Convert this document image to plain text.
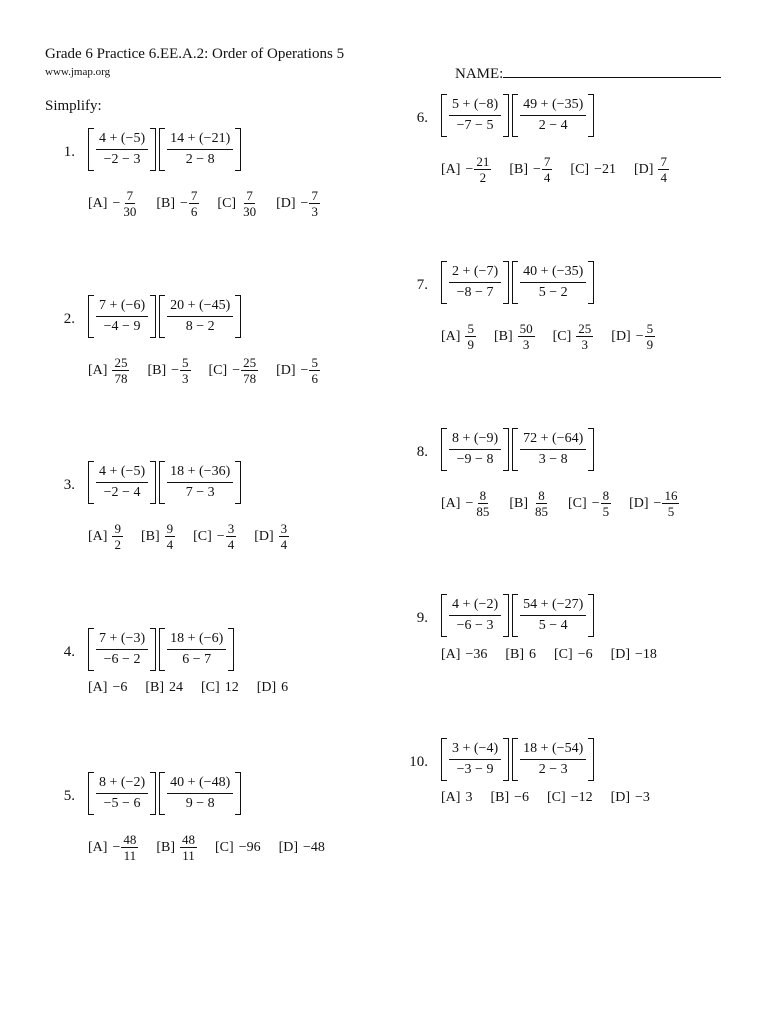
Grade 6 Practice 6.EE.A.2: Order of Operations 5
www.jmap.org	NAME:
Simplify:
1. $\frac{4 + (-5)}{-2 - 3} \frac{14 + (-21)}{2 - 8}$
$[A] - \frac{7}{30} [B] - \frac{7}{6} [C] \frac{7}{30} [D] - \frac{7}{3}$
2. $\frac{7 + (-6)}{-4 - 9} \frac{20 + (-45)}{8 - 2}$
$[A] \frac{25}{78} [B] - \frac{5}{3} [C] - \frac{25}{78} [D] - \frac{5}{6}$
3. $\frac{4 + (-5)}{-2 - 4} \frac{18 + (-36)}{7 - 3}$
$[A] \frac{9}{2} [B] \frac{9}{4} [C] - \frac{3}{4} [D] \frac{3}{4}$
4. $\frac{7 + (-3)}{-6 - 2} \frac{18 + (-6)}{6 - 7}$
[A] −6 [B] 24 [C] 12 [D] 6
5. $\frac{8 + (-2)}{-5 - 6} \frac{40 + (-48)}{9 - 8}$
$[A] - \frac{48}{11} [B] \frac{48}{11} [C] -96$ [D] −48
6. $\frac{5 + (-8)}{-7 - 5} \frac{49 + (-35)}{2 - 4}$
$[A] - \frac{21}{2} [B] - \frac{7}{4} [C] -21$ $[D] \frac{7}{4}$
7. $\frac{2 + (-7)}{-8 - 7} \frac{40 + (-35)}{5 - 2}$
$[A] \frac{5}{9} [B] \frac{50}{3} [C] \frac{25}{3} [D] - \frac{5}{9}$
8. $\frac{8 + (-9)}{-9 - 8} \frac{72 + (-64)}{3 - 8}$
$[A] - \frac{8}{85} [B] \frac{8}{85} [C] - \frac{8}{5} [D] - \frac{16}{5}$
9. $\frac{4 + (-2)}{-6 - 3} \frac{54 + (-27)}{5 - 4}$
[A] −36 [B] 6 [C] −6 [D] −18
10. $\frac{3 + (-4)}{-3 - 9} \frac{18 + (-54)}{2 - 3}$
[A] 3 [B] −6 [C] −12 [D] −3
